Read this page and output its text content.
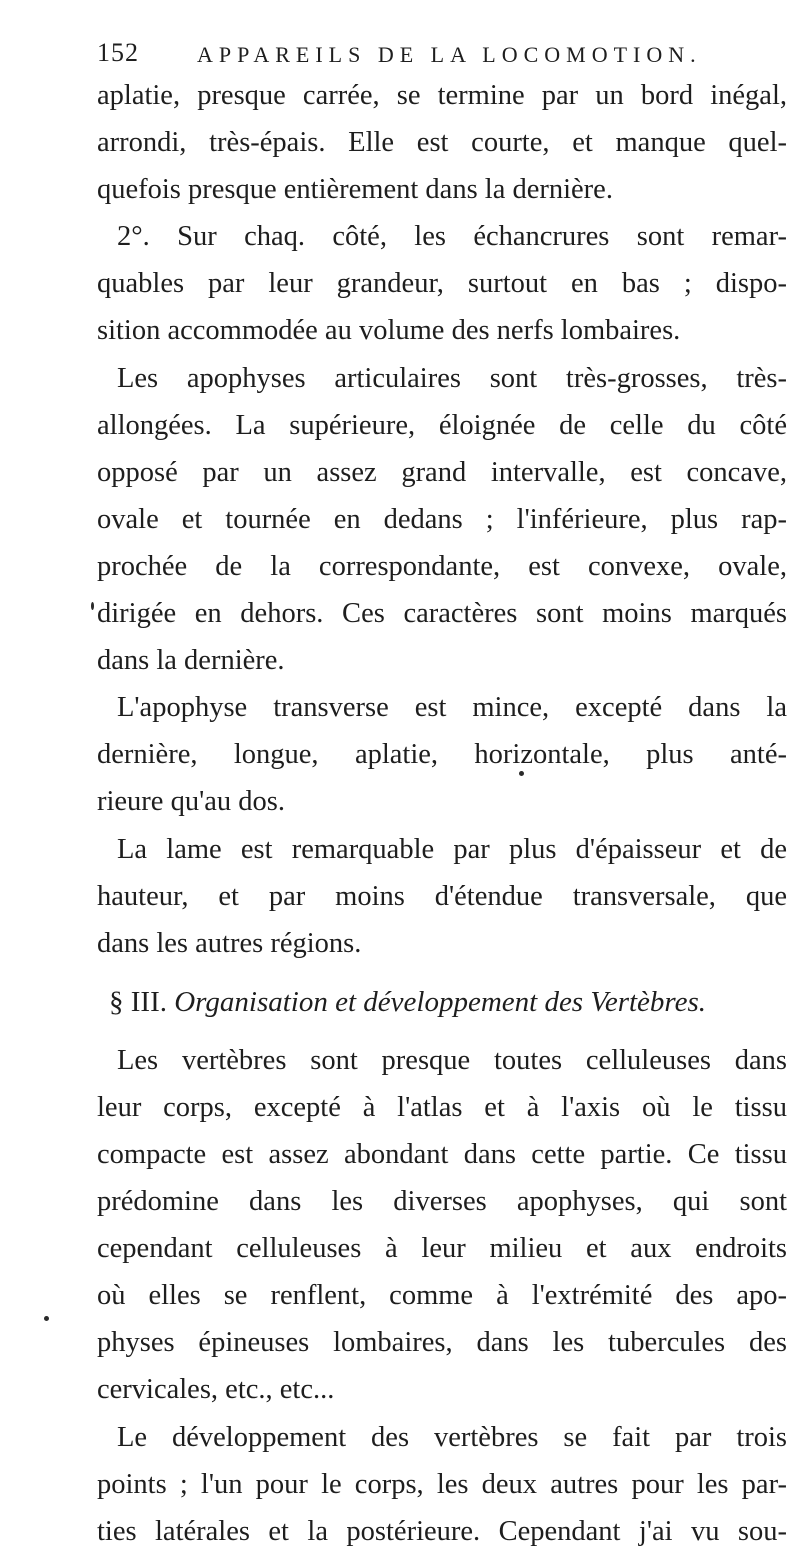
152	APPAREILS DE LA LOCOMOTION.
aplatie, presque carrée, se termine par un bord inégal,
arrondi, très-épais. Elle est courte, et manque quel-
quefois presque entièrement dans la dernière.
2°. Sur chaq. côté, les échancrures sont remar-
quables par leur grandeur, surtout en bas ; dispo-
sition accommodée au volume des nerfs lombaires.
Les apophyses articulaires sont très-grosses, très-
allongées. La supérieure, éloignée de celle du côté
opposé par un assez grand intervalle, est concave,
ovale et tournée en dedans ; l'inférieure, plus rap-
prochée de la correspondante, est convexe, ovale,
dirigée en dehors. Ces caractères sont moins marqués
dans la dernière.
L'apophyse transverse est mince, excepté dans la
dernière, longue, aplatie, horizontale, plus anté-
rieure qu'au dos.
La lame est remarquable par plus d'épaisseur et de
hauteur, et par moins d'étendue transversale, que
dans les autres régions.
§ III. Organisation et développement des Vertèbres.
Les vertèbres sont presque toutes celluleuses dans
leur corps, excepté à l'atlas et à l'axis où le tissu
compacte est assez abondant dans cette partie. Ce tissu
prédomine dans les diverses apophyses, qui sont
cependant celluleuses à leur milieu et aux endroits
où elles se renflent, comme à l'extrémité des apo-
physes épineuses lombaires, dans les tubercules des
cervicales, etc., etc...
Le développement des vertèbres se fait par trois
points ; l'un pour le corps, les deux autres pour les par-
ties latérales et la postérieure. Cependant j'ai vu sou-
